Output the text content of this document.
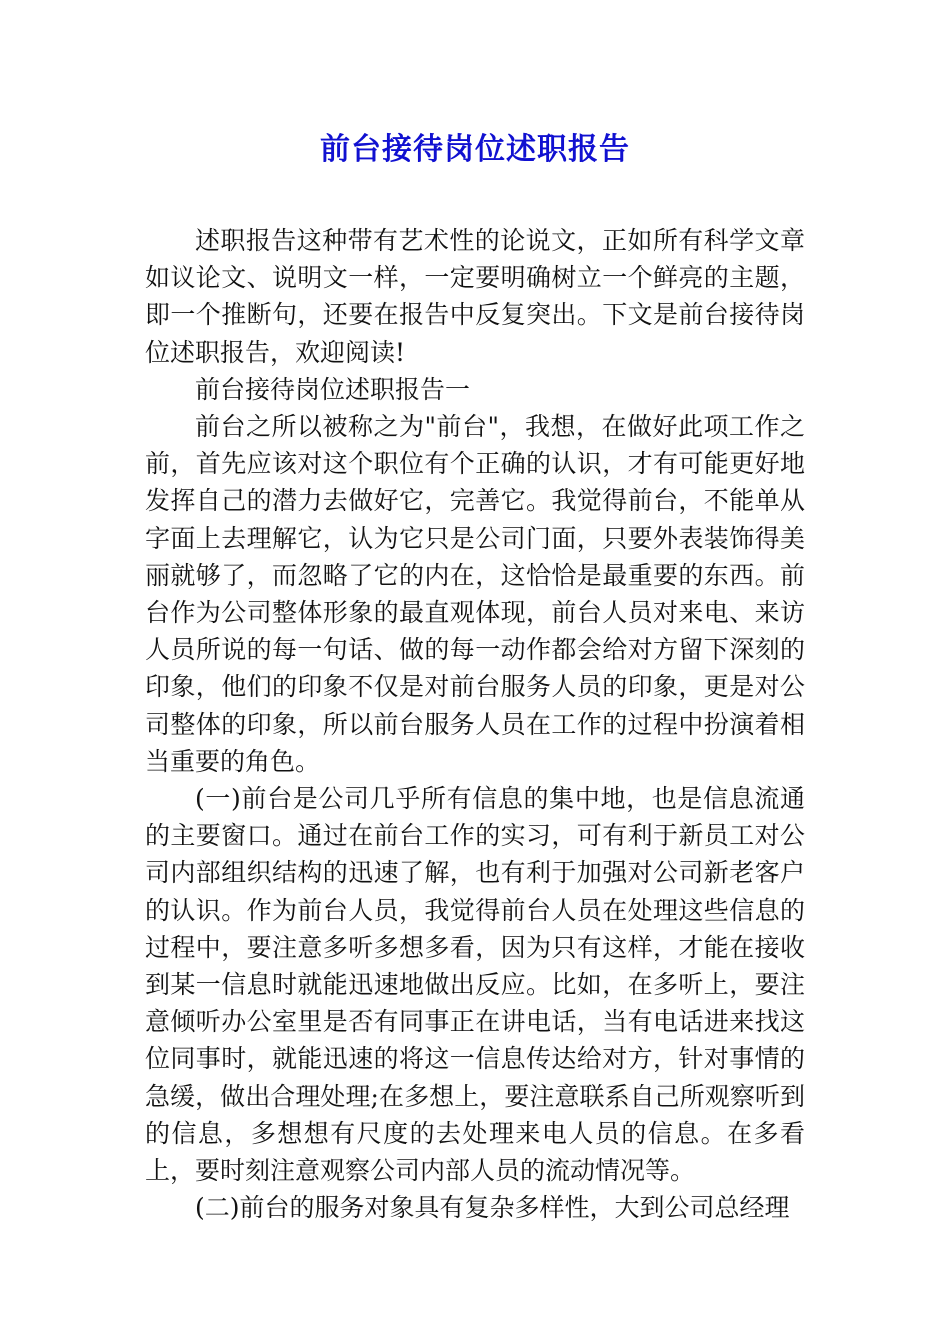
前台接待岗位述职报告

述职报告这种带有艺术性的论说文，正如所有科学文章如议论文、说明文一样，一定要明确树立一个鲜亮的主题，即一个推断句，还要在报告中反复突出。下文是前台接待岗位述职报告，欢迎阅读!

前台接待岗位述职报告一

前台之所以被称之为"前台"，我想，在做好此项工作之前，首先应该对这个职位有个正确的认识，才有可能更好地发挥自己的潜力去做好它，完善它。我觉得前台，不能单从字面上去理解它，认为它只是公司门面，只要外表装饰得美丽就够了，而忽略了它的内在，这恰恰是最重要的东西。前台作为公司整体形象的最直观体现，前台人员对来电、来访人员所说的每一句话、做的每一动作都会给对方留下深刻的印象，他们的印象不仅是对前台服务人员的印象，更是对公司整体的印象，所以前台服务人员在工作的过程中扮演着相当重要的角色。

(一)前台是公司几乎所有信息的集中地，也是信息流通的主要窗口。通过在前台工作的实习，可有利于新员工对公司内部组织结构的迅速了解，也有利于加强对公司新老客户的认识。作为前台人员，我觉得前台人员在处理这些信息的过程中，要注意多听多想多看，因为只有这样，才能在接收到某一信息时就能迅速地做出反应。比如，在多听上，要注意倾听办公室里是否有同事正在讲电话，当有电话进来找这位同事时，就能迅速的将这一信息传达给对方，针对事情的急缓，做出合理处理;在多想上，要注意联系自己所观察听到的信息，多想想有尺度的去处理来电人员的信息。在多看上，要时刻注意观察公司内部人员的流动情况等。

(二)前台的服务对象具有复杂多样性，大到公司总经理
